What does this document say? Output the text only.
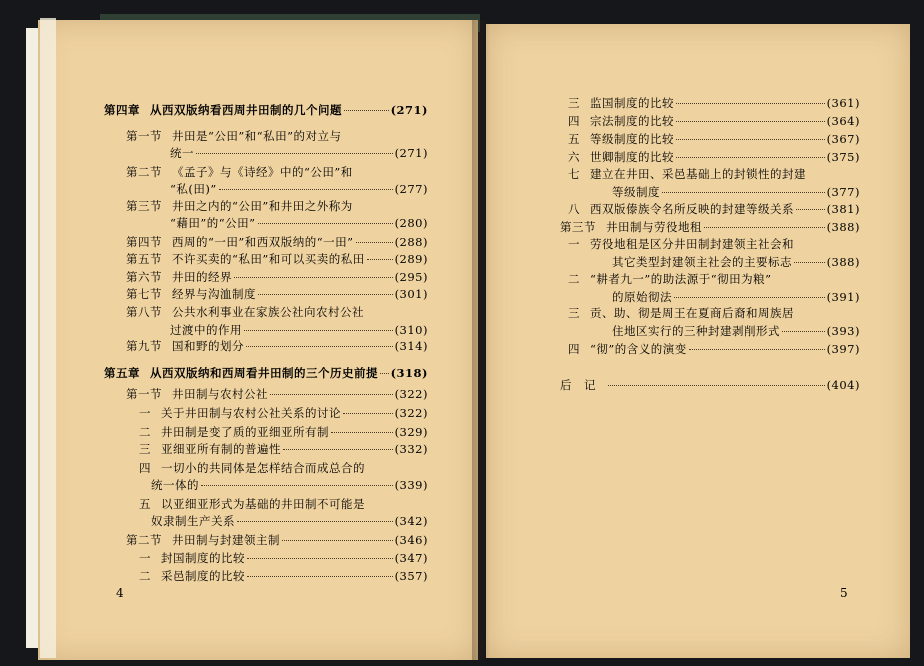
第四章 从西双版纳看西周井田制的几个问题	(271)
第一节 井田是“公田”和“私田”的对立与
统一	(271)
第二节 《孟子》与《诗经》中的“公田”和
“私(田)”	(277)
第三节 井田之内的“公田”和井田之外称为
“藉田”的“公田”	(280)
第四节 西周的“一田”和西双版纳的“一田”	(288)
第五节 不许买卖的“私田”和可以买卖的私田	(289)
第六节 井田的经界	(295)
第七节 经界与沟洫制度	(301)
第八节 公共水利事业在家族公社向农村公社
过渡中的作用	(310)
第九节 国和野的划分	(314)
第五章 从西双版纳和西周看井田制的三个历史前提 (318)
第一节 井田制与农村公社	(322)
一 关于井田制与农村公社关系的讨论	(322)
二 井田制是变了质的亚细亚所有制	(329)
三 亚细亚所有制的普遍性	(332)
四 一切小的共同体是怎样结合而成总合的
统一体的	(339)
五 以亚细亚形式为基础的井田制不可能是
奴隶制生产关系	(342)
第二节 井田制与封建领主制	(346)
一 封国制度的比较	(347)
二 采邑制度的比较	(357)
三 监国制度的比较	(361)
四 宗法制度的比较	(364)
五 等级制度的比较	(367)
六 世卿制度的比较	(375)
七 建立在井田、采邑基础上的封锁性的封建
等级制度	(377)
八 西双版傣族令名所反映的封建等级关系	(381)
第三节 井田制与劳役地租	(388)
一 劳役地租是区分井田制封建领主社会和
其它类型封建领主社会的主要标志	(388)
二 “耕者九一”的助法源于“彻田为粮”
的原始彻法	(391)
三 贡、助、彻是周王在夏商后裔和周族居
住地区实行的三种封建剥削形式	(393)
四 “彻”的含义的演变	(397)
后　记	(404)
4	5
